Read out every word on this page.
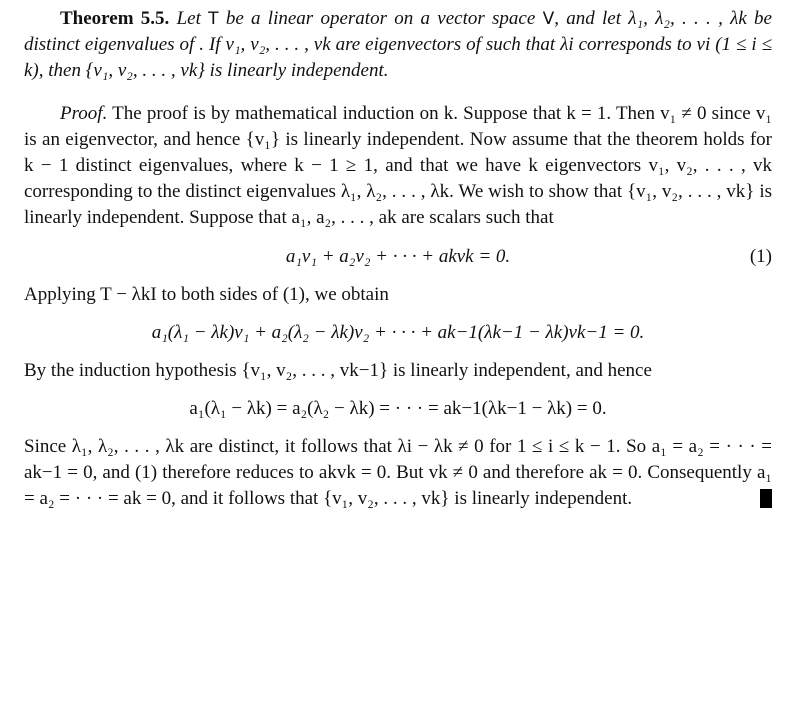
Theorem 5.5. Let T be a linear operator on a vector space V, and let λ₁, λ₂, . . . , λk be distinct eigenvalues of . If v₁, v₂, . . . , vk are eigenvectors of such that λi corresponds to vi (1 ≤ i ≤ k), then {v₁, v₂, . . . , vk} is linearly independent.

Proof. The proof is by mathematical induction on k. Suppose that k = 1. Then v₁ ≠ 0 since v₁ is an eigenvector, and hence {v₁} is linearly independent. Now assume that the theorem holds for k − 1 distinct eigenvalues, where k − 1 ≥ 1, and that we have k eigenvectors v₁, v₂, . . . , vk corresponding to the distinct eigenvalues λ₁, λ₂, . . . , λk. We wish to show that {v₁, v₂, . . . , vk} is linearly independent. Suppose that a₁, a₂, . . . , ak are scalars such that

a₁v₁ + a₂v₂ + · · · + akvk = 0.	(1)

Applying T − λkI to both sides of (1), we obtain

a₁(λ₁ − λk)v₁ + a₂(λ₂ − λk)v₂ + · · · + ak−1(λk−1 − λk)vk−1 = 0.

By the induction hypothesis {v₁, v₂, . . . , vk−1} is linearly independent, and hence

a₁(λ₁ − λk) = a₂(λ₂ − λk) = · · · = ak−1(λk−1 − λk) = 0.

Since λ₁, λ₂, . . . , λk are distinct, it follows that λi − λk ≠ 0 for 1 ≤ i ≤ k − 1. So a₁ = a₂ = · · · = ak−1 = 0, and (1) therefore reduces to akvk = 0. But vk ≠ 0 and therefore ak = 0. Consequently a₁ = a₂ = · · · = ak = 0, and it follows that {v₁, v₂, . . . , vk} is linearly independent.
